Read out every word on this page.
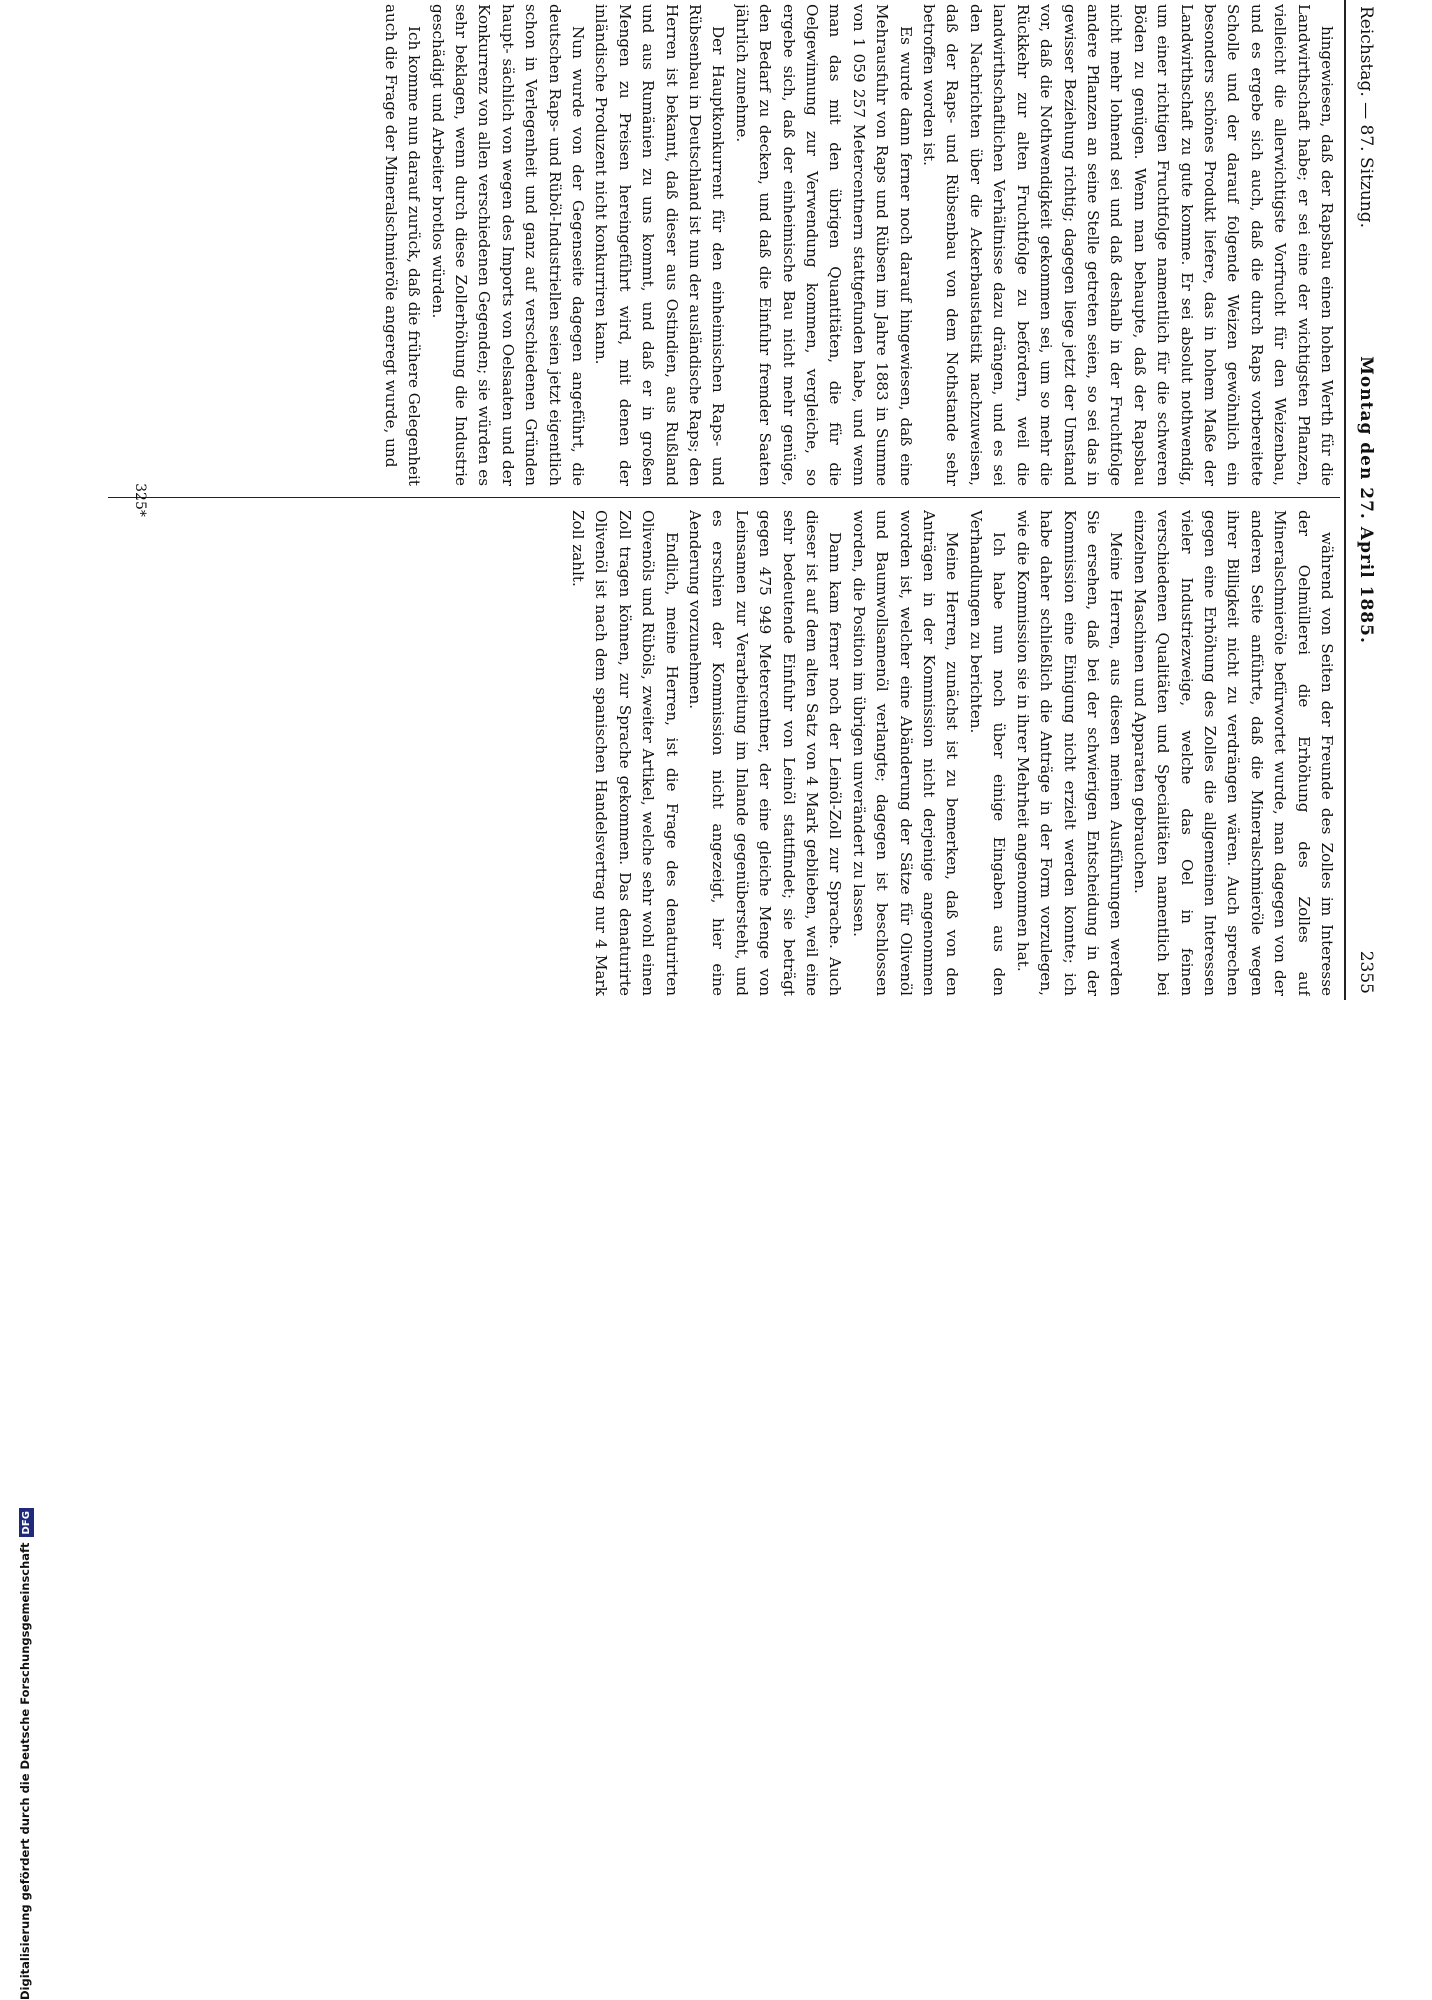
Reichstag. — 87. Sitzung.
Montag den 27. April 1885.
2355

hingewiesen, daß der Rapsbau einen hohen Werth für die Landwirthschaft habe; er sei eine der wichtigsten Pflanzen, vielleicht die allerwichtigste Vorfrucht für den Weizenbau, und es ergebe sich auch, daß die durch Raps vorbereitete Scholle und der darauf folgende Weizen gewöhnlich ein besonders schönes Produkt liefere, das in hohem Maße der Landwirthschaft zu gute komme. Er sei absolut nothwendig, um einer richtigen Fruchtfolge namentlich für die schweren Böden zu genügen. Wenn man behaupte, daß der Rapsbau nicht mehr lohnend sei und daß deshalb in der Fruchtfolge andere Pflanzen an seine Stelle getreten seien, so sei das in gewisser Beziehung richtig; dagegen liege jetzt der Umstand vor, daß die Nothwendigkeit gekommen sei, um so mehr die Rückkehr zur alten Fruchtfolge zu befördern, weil die landwirthschaftlichen Verhältnisse dazu drängen, und es sei den Nachrichten über die Ackerbaustatistik nachzuweisen, daß der Raps- und Rübsenbau von dem Nothstande sehr betroffen worden ist.

Es wurde dann ferner noch darauf hingewiesen, daß eine Mehrausfuhr von Raps und Rübsen im Jahre 1883 in Summe von 1 059 257 Metercentnern stattgefunden habe, und wenn man das mit den übrigen Quantitäten, die für die Oelgewinnung zur Verwendung kommen, vergleiche, so ergebe sich, daß der einheimische Bau nicht mehr genüge, den Bedarf zu decken, und daß die Einfuhr fremder Saaten jährlich zunehme.

Der Hauptkonkurrent für den einheimischen Raps- und Rübsenbau in Deutschland ist nun der ausländische Raps; den Herren ist bekannt, daß dieser aus Ostindien, aus Rußland und aus Rumänien zu uns kommt, und daß er in großen Mengen zu Preisen hereingeführt wird, mit denen der inländische Produzent nicht konkurriren kann.

Nun wurde von der Gegenseite dagegen angeführt, die deutschen Raps- und Rüböl-Industriellen seien jetzt eigentlich schon in Verlegenheit und ganz auf verschiedenen Gründen haupt- sächlich von wegen des Imports von Oelsaaten und der Konkurrenz von allen verschiedenen Gegenden; sie würden es sehr beklagen, wenn durch diese Zollerhöhung die Industrie geschädigt und Arbeiter brotlos würden.

Ich komme nun darauf zurück, daß die frühere Gelegenheit auch die Frage der Mineralschmieröle angeregt wurde, und

während von Seiten der Freunde des Zolles im Interesse der Oelmüllerei die Erhöhung des Zolles auf Mineralschmieröle befürwortet wurde, man dagegen von der anderen Seite anführte, daß die Mineralschmieröle wegen ihrer Billigkeit nicht zu verdrängen wären. Auch sprechen gegen eine Erhöhung des Zolles die allgemeinen Interessen vieler Industriezweige, welche das Oel in feinen verschiedenen Qualitäten und Specialitäten namentlich bei einzelnen Maschinen und Apparaten gebrauchen.

Meine Herren, aus diesen meinen Ausführungen werden Sie ersehen, daß bei der schwierigen Entscheidung in der Kommission eine Einigung nicht erzielt werden konnte; ich habe daher schließlich die Anträge in der Form vorzulegen, wie die Kommission sie in ihrer Mehrheit angenommen hat.

Ich habe nun noch über einige Eingaben aus den Verhandlungen zu berichten.

Meine Herren, zunächst ist zu bemerken, daß von den Anträgen in der Kommission nicht derjenige angenommen worden ist, welcher eine Abänderung der Sätze für Olivenöl und Baumwollsamenöl verlangte; dagegen ist beschlossen worden, die Position im übrigen unverändert zu lassen.

Dann kam ferner noch der Leinöl-Zoll zur Sprache. Auch dieser ist auf dem alten Satz von 4 Mark geblieben, weil eine sehr bedeutende Einfuhr von Leinöl stattfindet; sie beträgt gegen 475 949 Metercentner, der eine gleiche Menge von Leinsamen zur Verarbeitung im Inlande gegenübersteht, und es erschien der Kommission nicht angezeigt, hier eine Aenderung vorzunehmen.

Endlich, meine Herren, ist die Frage des denaturirten Olivenöls und Rüböls, zweiter Artikel, welche sehr wohl einen Zoll tragen können, zur Sprache gekommen. Das denaturirte Olivenöl ist nach dem spanischen Handelsvertrag nur 4 Mark Zoll zahlt.

325*
Digitalisierung gefördert durch die Deutsche ForschungsgemeinschaftDFG
